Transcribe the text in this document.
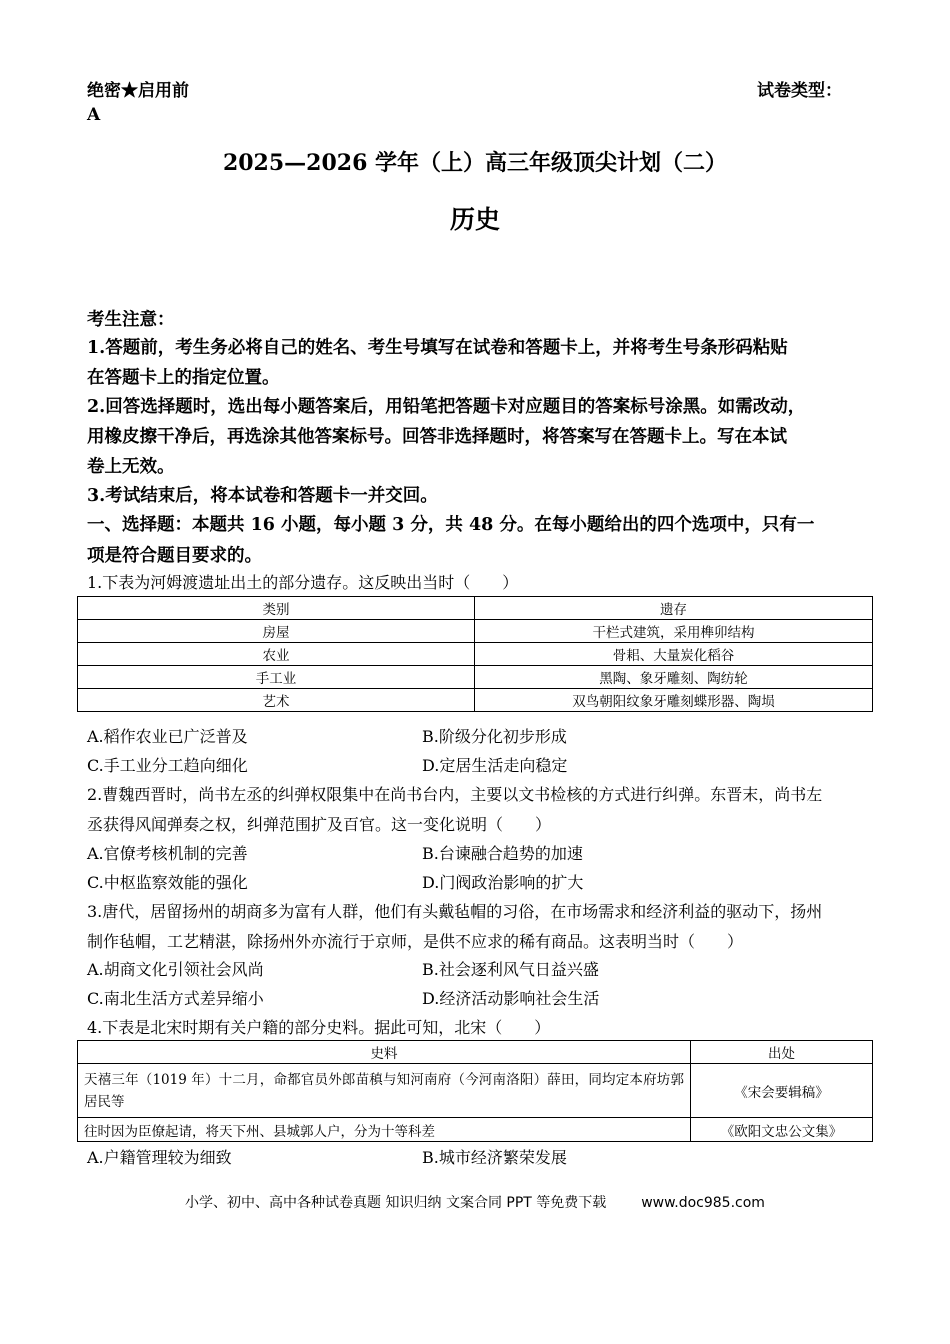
绝密★启用前	试卷类型：
A
2025—2026 学年（上）高三年级顶尖计划（二）
历史
考生注意：
1.答题前，考生务必将自己的姓名、考生号填写在试卷和答题卡上，并将考生号条形码粘贴
在答题卡上的指定位置。
2.回答选择题时，选出每小题答案后，用铅笔把答题卡对应题目的答案标号涂黑。如需改动，
用橡皮擦干净后，再选涂其他答案标号。回答非选择题时，将答案写在答题卡上。写在本试
卷上无效。
3.考试结束后，将本试卷和答题卡一并交回。
一、选择题：本题共 16 小题，每小题 3 分，共 48 分。在每小题给出的四个选项中，只有一
项是符合题目要求的。
1.下表为河姆渡遗址出土的部分遗存。这反映出当时（　　）
类别	遗存
房屋	干栏式建筑，采用榫卯结构
农业	骨耜、大量炭化稻谷
手工业	黑陶、象牙雕刻、陶纺轮
艺术	双鸟朝阳纹象牙雕刻蝶形器、陶埙
A.稻作农业已广泛普及	B.阶级分化初步形成
C.手工业分工趋向细化	D.定居生活走向稳定
2.曹魏西晋时，尚书左丞的纠弹权限集中在尚书台内，主要以文书检核的方式进行纠弹。东晋末，尚书左
丞获得风闻弹奏之权，纠弹范围扩及百官。这一变化说明（　　）
A.官僚考核机制的完善	B.台谏融合趋势的加速
C.中枢监察效能的强化	D.门阀政治影响的扩大
3.唐代，居留扬州的胡商多为富有人群，他们有头戴毡帽的习俗，在市场需求和经济利益的驱动下，扬州
制作毡帽，工艺精湛，除扬州外亦流行于京师，是供不应求的稀有商品。这表明当时（　　）
A.胡商文化引领社会风尚	B.社会逐利风气日益兴盛
C.南北生活方式差异缩小	D.经济活动影响社会生活
4.下表是北宋时期有关户籍的部分史料。据此可知，北宋（　　）
史料	出处
天禧三年（1019 年）十二月，命都官员外郎苗稹与知河南府（今河南洛阳）薛田，同均定本府坊郭居民等	《宋会要辑稿》
往时因为臣僚起请，将天下州、县城郭人户，分为十等科差	《欧阳文忠公文集》
A.户籍管理较为细致	B.城市经济繁荣发展
小学、初中、高中各种试卷真题 知识归纳 文案合同 PPT 等免费下载 www.doc985.com
